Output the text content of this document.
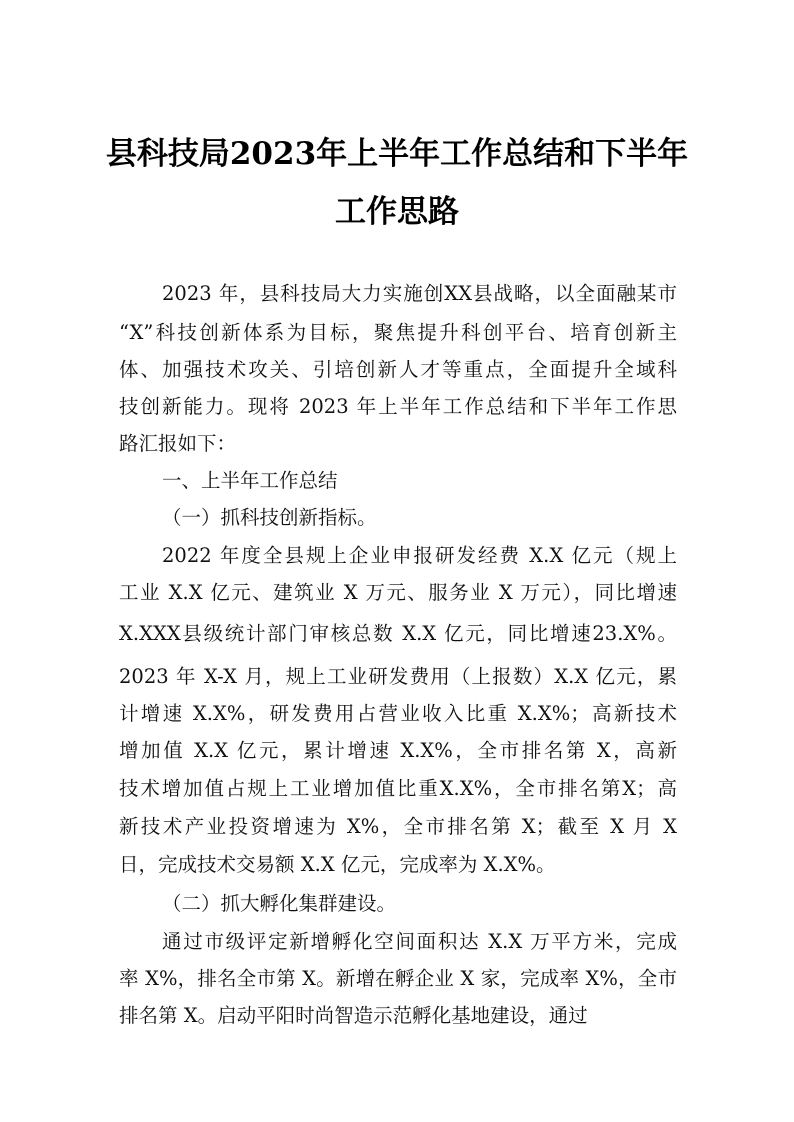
县科技局2023年上半年工作总结和下半年
工作思路
2023 年，县科技局大力实施创XX县战略，以全面融某市
“X”科技创新体系为目标，聚焦提升科创平台、培育创新主
体、加强技术攻关、引培创新人才等重点，全面提升全域科
技创新能力。现将 2023 年上半年工作总结和下半年工作思
路汇报如下：
一、上半年工作总结
（一）抓科技创新指标。
2022 年度全县规上企业申报研发经费 X.X 亿元（规上
工业 X.X 亿元、建筑业 X 万元、服务业 X 万元），同比增速
X.XXX县级统计部门审核总数 X.X 亿元，同比增速23.X%。
2023 年 X-X 月，规上工业研发费用（上报数）X.X 亿元，累
计增速 X.X%，研发费用占营业收入比重 X.X%；高新技术
增加值 X.X 亿元，累计增速 X.X%，全市排名第 X，高新
技术增加值占规上工业增加值比重X.X%，全市排名第X；高
新技术产业投资增速为 X%，全市排名第 X；截至 X 月 X
日，完成技术交易额 X.X 亿元，完成率为 X.X%。
（二）抓大孵化集群建设。
通过市级评定新增孵化空间面积达 X.X 万平方米，完成
率 X%，排名全市第 X。新增在孵企业 X 家，完成率 X%，全市
排名第 X。启动平阳时尚智造示范孵化基地建设，通过
